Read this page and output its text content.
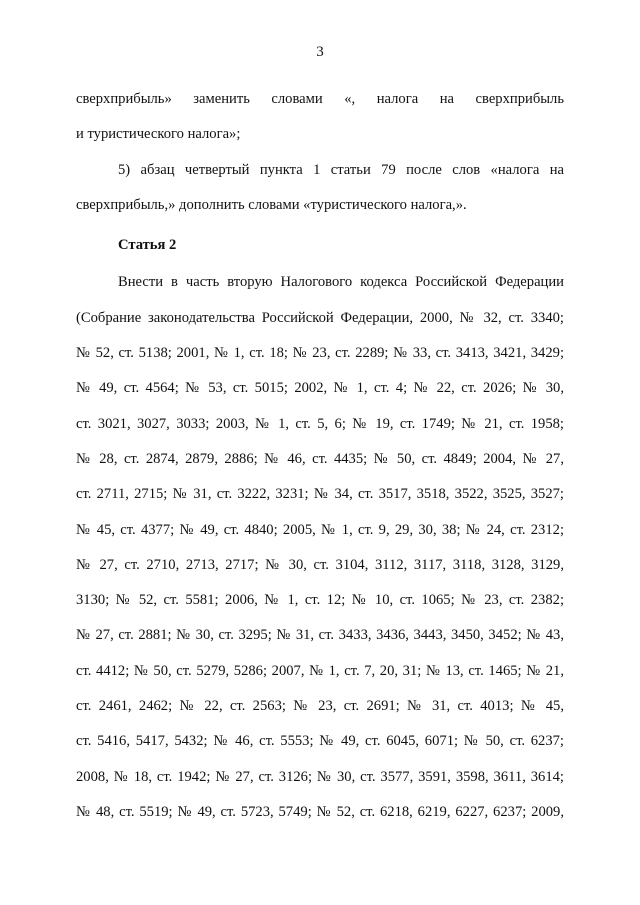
3

сверхприбыль» заменить словами «, налога на сверхприбыль

и туристического налога»;

5) абзац четвертый пункта 1 статьи 79 после слов «налога на

сверхприбыль,» дополнить словами «туристического налога,».

Статья 2

Внести в часть вторую Налогового кодекса Российской Федерации

(Собрание законодательства Российской Федерации, 2000, № 32, ст. 3340;

№ 52, ст. 5138; 2001, № 1, ст. 18; № 23, ст. 2289; № 33, ст. 3413, 3421, 3429;

№ 49, ст. 4564; № 53, ст. 5015; 2002, № 1, ст. 4; № 22, ст. 2026; № 30,

ст. 3021, 3027, 3033; 2003, № 1, ст. 5, 6; № 19, ст. 1749; № 21, ст. 1958;

№ 28, ст. 2874, 2879, 2886; № 46, ст. 4435; № 50, ст. 4849; 2004, № 27,

ст. 2711, 2715; № 31, ст. 3222, 3231; № 34, ст. 3517, 3518, 3522, 3525, 3527;

№ 45, ст. 4377; № 49, ст. 4840; 2005, № 1, ст. 9, 29, 30, 38; № 24, ст. 2312;

№ 27, ст. 2710, 2713, 2717; № 30, ст. 3104, 3112, 3117, 3118, 3128, 3129,

3130; № 52, ст. 5581; 2006, № 1, ст. 12; № 10, ст. 1065; № 23, ст. 2382;

№ 27, ст. 2881; № 30, ст. 3295; № 31, ст. 3433, 3436, 3443, 3450, 3452; № 43,

ст. 4412; № 50, ст. 5279, 5286; 2007, № 1, ст. 7, 20, 31; № 13, ст. 1465; № 21,

ст. 2461, 2462; № 22, ст. 2563; № 23, ст. 2691; № 31, ст. 4013; № 45,

ст. 5416, 5417, 5432; № 46, ст. 5553; № 49, ст. 6045, 6071; № 50, ст. 6237;

2008, № 18, ст. 1942; № 27, ст. 3126; № 30, ст. 3577, 3591, 3598, 3611, 3614;

№ 48, ст. 5519; № 49, ст. 5723, 5749; № 52, ст. 6218, 6219, 6227, 6237; 2009,
